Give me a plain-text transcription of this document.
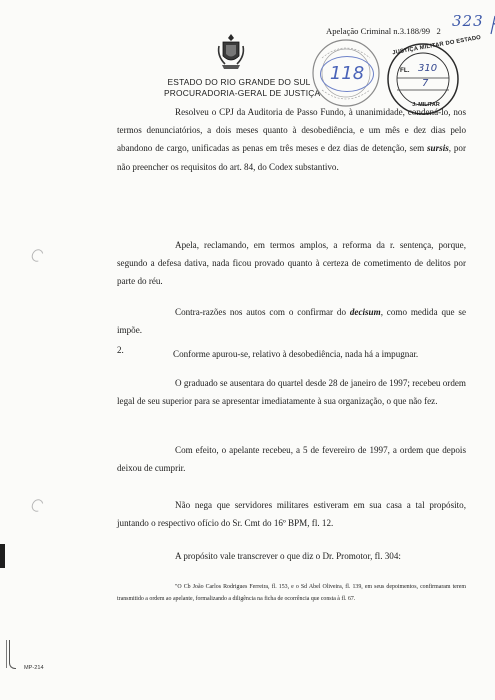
Apelação Criminal n.3.188/99 2
323
ESTADO DO RIO GRANDE DO SUL
PROCURADORIA-GERAL DE JUSTIÇA
118
JUSTIÇA MILITAR DO ESTADO
FL. 310
7
J. MILITAR

Resolveu o CPJ da Auditoria de Passo Fundo, à unanimidade, condená-lo, nos termos denunciatórios, a dois meses quanto à desobediência, e um mês e dez dias pelo abandono de cargo, unificadas as penas em três meses e dez dias de detenção, sem sursis, por não preencher os requisitos do art. 84, do Codex substantivo.

Apela, reclamando, em termos amplos, a reforma da r. sentença, porque, segundo a defesa dativa, nada ficou provado quanto à certeza de cometimento de delitos por parte do réu.

Contra-razões nos autos com o confirmar do decisum, como medida que se impõe.

2.	Conforme apurou-se, relativo à desobediência, nada há a impugnar.

O graduado se ausentara do quartel desde 28 de janeiro de 1997; recebeu ordem legal de seu superior para se apresentar imediatamente à sua organização, o que não fez.

Com efeito, o apelante recebeu, a 5 de fevereiro de 1997, a ordem que depois deixou de cumprir.

Não nega que servidores militares estiveram em sua casa a tal propósito, juntando o respectivo ofício do Sr. Cmt do 16º BPM, fl. 12.

A propósito vale transcrever o que diz o Dr. Promotor, fl. 304:

"O Cb João Carlos Rodrigues Ferreira, fl. 153, e o Sd Abel Oliveira, fl. 139, em seus depoimentos, confirmaram terem transmitido a ordem ao apelante, formalizando a diligência na ficha de ocorrência que consta à fl. 67.
MP-214
